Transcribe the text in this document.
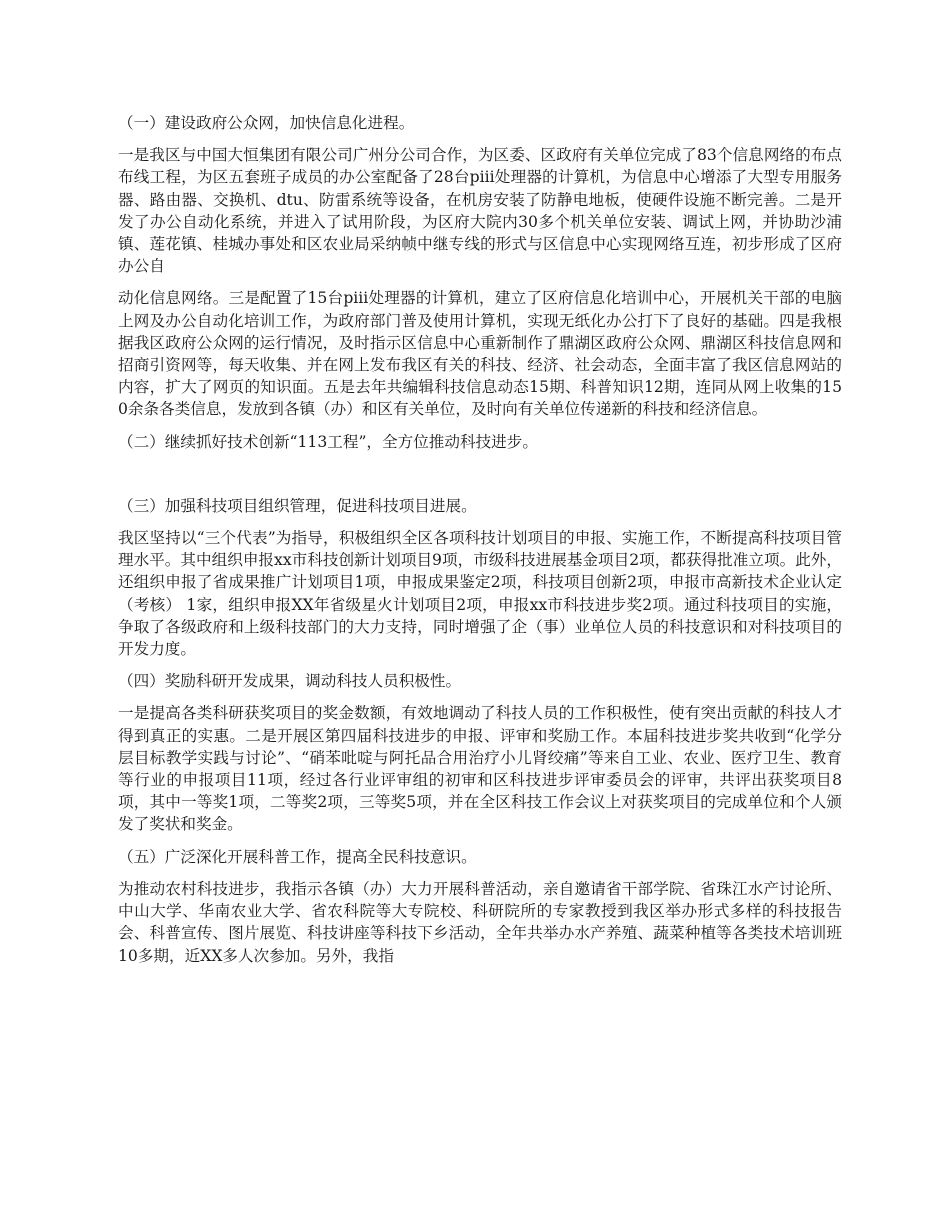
（一）建设政府公众网，加快信息化进程。

一是我区与中国大恒集团有限公司广州分公司合作，为区委、区政府有关单位完成了83个信息网络的布点布线工程，为区五套班子成员的办公室配备了28台piii处理器的计算机，为信息中心增添了大型专用服务器、路由器、交换机、dtu、防雷系统等设备，在机房安装了防静电地板，使硬件设施不断完善。二是开发了办公自动化系统，并进入了试用阶段，为区府大院内30多个机关单位安装、调试上网，并协助沙浦镇、莲花镇、桂城办事处和区农业局采纳帧中继专线的形式与区信息中心实现网络互连，初步形成了区府办公自

动化信息网络。三是配置了15台piii处理器的计算机，建立了区府信息化培训中心，开展机关干部的电脑上网及办公自动化培训工作，为政府部门普及使用计算机，实现无纸化办公打下了良好的基础。四是我根据我区政府公众网的运行情况，及时指示区信息中心重新制作了鼎湖区政府公众网、鼎湖区科技信息网和招商引资网等，每天收集、并在网上发布我区有关的科技、经济、社会动态，全面丰富了我区信息网站的内容，扩大了网页的知识面。五是去年共编辑科技信息动态15期、科普知识12期，连同从网上收集的150余条各类信息，发放到各镇（办）和区有关单位，及时向有关单位传递新的科技和经济信息。

（二）继续抓好技术创新“113工程”，全方位推动科技进步。

（三）加强科技项目组织管理，促进科技项目进展。

我区坚持以“三个代表”为指导，积极组织全区各项科技计划项目的申报、实施工作，不断提高科技项目管理水平。其中组织申报xx市科技创新计划项目9项，市级科技进展基金项目2项，都获得批准立项。此外，还组织申报了省成果推广计划项目1项，申报成果鉴定2项，科技项目创新2项，申报市高新技术企业认定（考核） 1家，组织申报XX年省级星火计划项目2项，申报xx市科技进步奖2项。通过科技项目的实施，争取了各级政府和上级科技部门的大力支持，同时增强了企（事）业单位人员的科技意识和对科技项目的开发力度。

（四）奖励科研开发成果，调动科技人员积极性。

一是提高各类科研获奖项目的奖金数额，有效地调动了科技人员的工作积极性，使有突出贡献的科技人才得到真正的实惠。二是开展区第四届科技进步的申报、评审和奖励工作。本届科技进步奖共收到“化学分层目标教学实践与讨论”、“硝苯吡啶与阿托品合用治疗小儿肾绞痛”等来自工业、农业、医疗卫生、教育等行业的申报项目11项，经过各行业评审组的初审和区科技进步评审委员会的评审，共评出获奖项目8项，其中一等奖1项，二等奖2项，三等奖5项，并在全区科技工作会议上对获奖项目的完成单位和个人颁发了奖状和奖金。

（五）广泛深化开展科普工作，提高全民科技意识。

为推动农村科技进步，我指示各镇（办）大力开展科普活动，亲自邀请省干部学院、省珠江水产讨论所、中山大学、华南农业大学、省农科院等大专院校、科研院所的专家教授到我区举办形式多样的科技报告会、科普宣传、图片展览、科技讲座等科技下乡活动，全年共举办水产养殖、蔬菜种植等各类技术培训班10多期，近XX多人次参加。另外，我指
